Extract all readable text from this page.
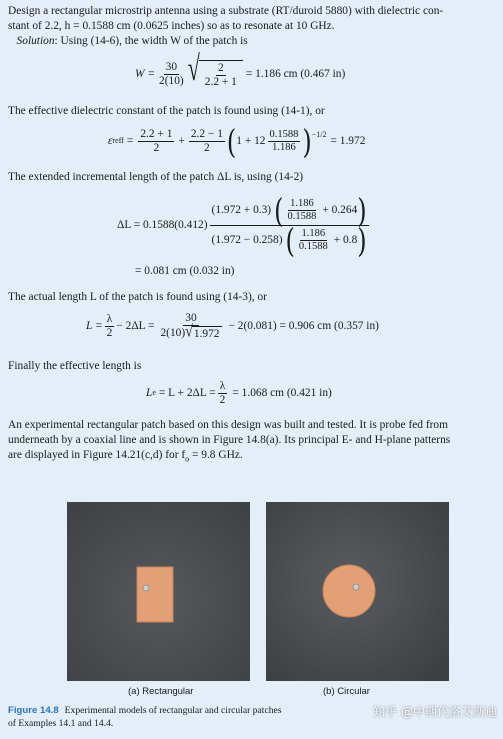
Design a rectangular microstrip antenna using a substrate (RT/duroid 5880) with dielectric con-
stant of 2.2, h = 0.1588 cm (0.0625 inches) so as to resonate at 10 GHz.
Solution: Using (14-6), the width W of the patch is

$W = \frac{30}{2(10)}$ √ $\frac{2}{2.2 + 1} = 1.186$ cm (0.467 in)

The effective dielectric constant of the patch is found using (14-1), or

ε reff = $\frac{2.2 + 1}{2} + \frac{2.2 - 1}{2}$ ( $1 + 12 \frac{0.1588}{1.186} )^{-1/2}$
= 1.972

The extended incremental length of the patch ΔL is, using (14-2)

ΔL = 0.1588(0.412)
(1.972 + 0.3) ( $\frac{1.186}{0.1588} + 0.264$ )
(1.972 − 0.258) ( $\frac{1.186}{0.1588} + 0.8$ )
= 0.081 cm (0.032 in)

The actual length L of the patch is found using (14-3), or

$L = \frac{\lambda}{2} - 2\Delta L = \frac{30}{2(10) √ 1.972} - 2(0.081) = 0.906$ cm (0.357 in)

Finally the effective length is

L $e = L + 2\Delta L = \frac{\lambda}{2} = 1.068$ cm (0.421 in)

An experimental rectangular patch based on this design was built and tested. It is probe fed from
underneath by a coaxial line and is shown in Figure 14.8(a). Its principal E- and H-plane patterns
are displayed in Figure 14.21(c,d) for $f_o = 9.8$ GHz.

(a) Rectangular	(b) Circular
Figure 14.8 Experimental models of rectangular and circular patches
of Examples 14.1 and 14.4.
知乎 @中期代洛艾斯迪
